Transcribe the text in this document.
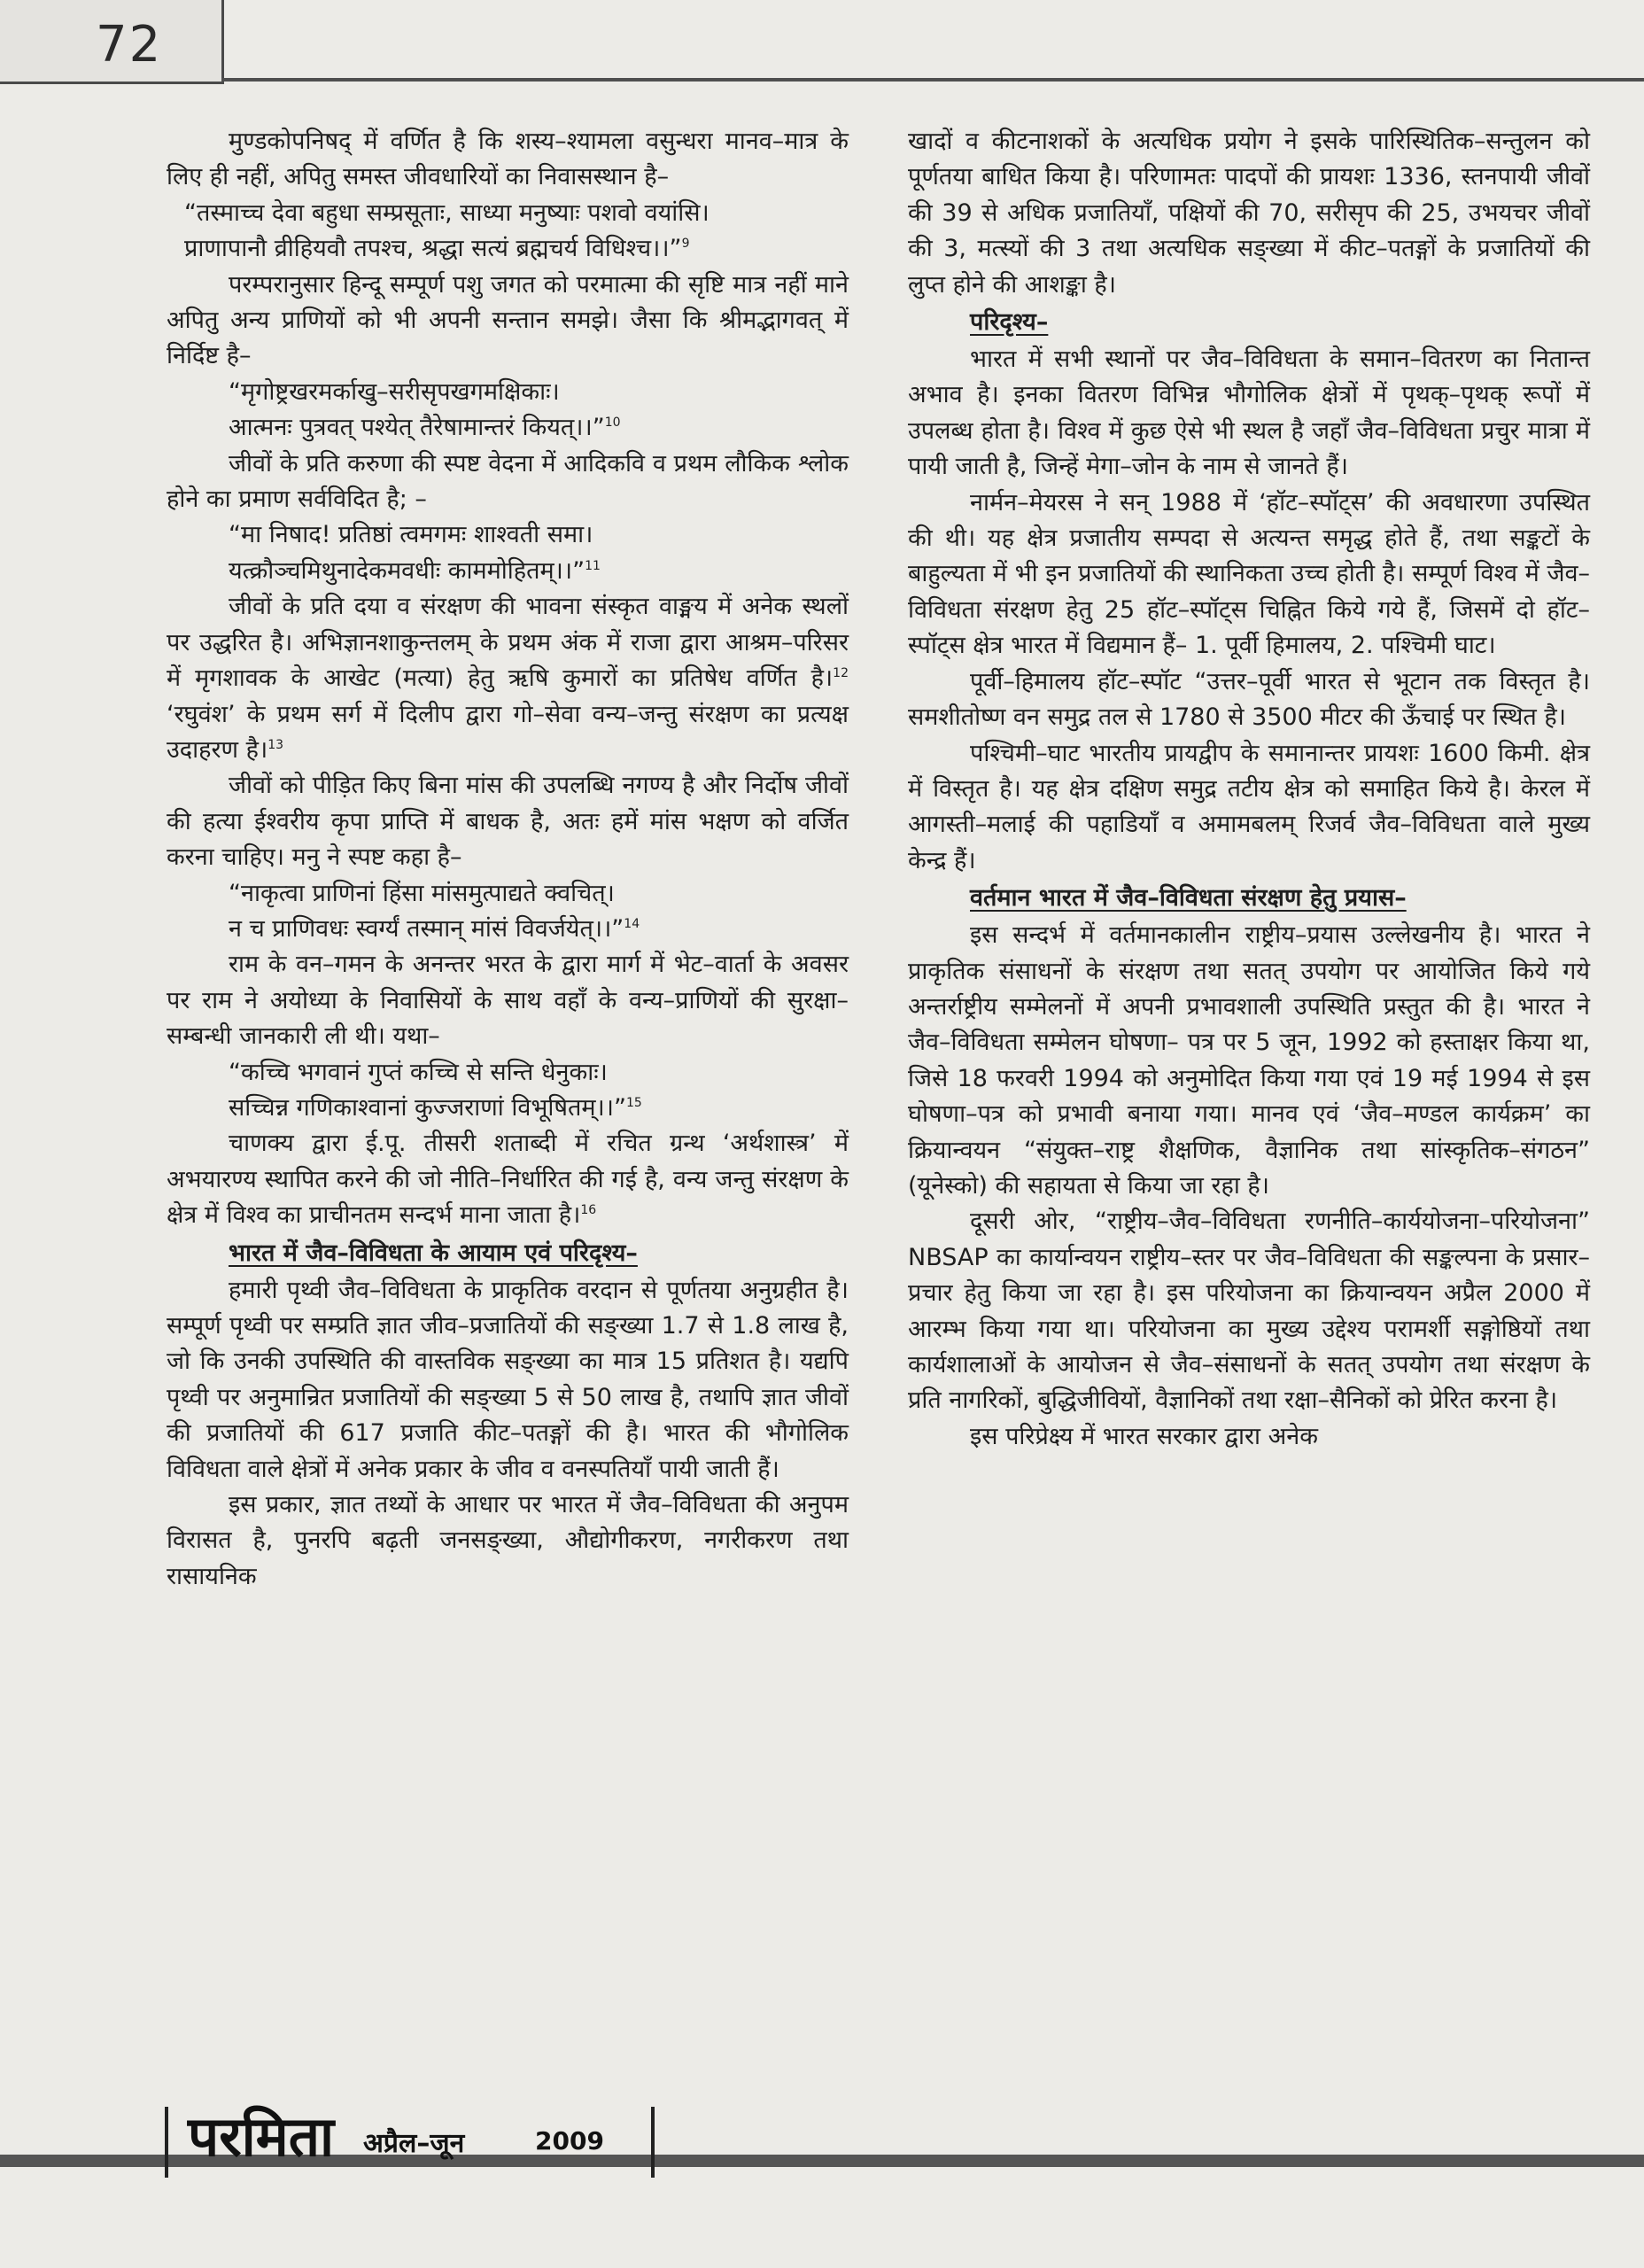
72

मुण्डकोपनिषद् में वर्णित है कि शस्य–श्यामला वसुन्धरा मानव–मात्र के लिए ही नहीं, अपितु समस्त जीवधारियों का निवासस्थान है–

“तस्माच्च देवा बहुधा सम्प्रसूताः, साध्या मनुष्याः पशवो वयांसि।

प्राणापानौ व्रीहियवौ तपश्च, श्रद्धा सत्यं ब्रह्मचर्य विधिश्च।।”$^9$

परम्परानुसार हिन्दू सम्पूर्ण पशु जगत को परमात्मा की सृष्टि मात्र नहीं माने अपितु अन्य प्राणियों को भी अपनी सन्तान समझे। जैसा कि श्रीमद्भागवत् में निर्दिष्ट है–

“मृगोष्ट्रखरमर्काखु–सरीसृपखगमक्षिकाः।

आत्मनः पुत्रवत् पश्येत् तैरेषामान्तरं कियत्।।”$^{10}$

जीवों के प्रति करुणा की स्पष्ट वेदना में आदिकवि व प्रथम लौकिक श्लोक होने का प्रमाण सर्वविदित है; –

“मा निषाद! प्रतिष्ठां त्वमगमः शाश्वती समा।

यत्क्रौञ्चमिथुनादेकमवधीः काममोहितम्।।”$^{11}$

जीवों के प्रति दया व संरक्षण की भावना संस्कृत वाङ्मय में अनेक स्थलों पर उद्धरित है। अभिज्ञानशाकुन्तलम् के प्रथम अंक में राजा द्वारा आश्रम–परिसर में मृगशावक के आखेट (मत्या) हेतु ऋषि कुमारों का प्रतिषेध वर्णित है।$^{12}$ ‘रघुवंश’ के प्रथम सर्ग में दिलीप द्वारा गो–सेवा वन्य–जन्तु संरक्षण का प्रत्यक्ष उदाहरण है।$^{13}$

जीवों को पीड़ित किए बिना मांस की उपलब्धि नगण्य है और निर्दोष जीवों की हत्या ईश्वरीय कृपा प्राप्ति में बाधक है, अतः हमें मांस भक्षण को वर्जित करना चाहिए। मनु ने स्पष्ट कहा है–

“नाकृत्वा प्राणिनां हिंसा मांसमुत्पाद्यते क्वचित्।

न च प्राणिवधः स्वर्ग्यं तस्मान् मांसं विवर्जयेत्।।”$^{14}$

राम के वन–गमन के अनन्तर भरत के द्वारा मार्ग में भेट–वार्ता के अवसर पर राम ने अयोध्या के निवासियों के साथ वहाँ के वन्य–प्राणियों की सुरक्षा–सम्बन्धी जानकारी ली थी। यथा–

“कच्चि भगवानं गुप्तं कच्चि से सन्ति धेनुकाः।

सच्चिन्न गणिकाश्वानां कुज्जराणां विभूषितम्।।”$^{15}$

चाणक्य द्वारा ई.पू. तीसरी शताब्दी में रचित ग्रन्थ ‘अर्थशास्त्र’ में अभयारण्य स्थापित करने की जो नीति–निर्धारित की गई है, वन्य जन्तु संरक्षण के क्षेत्र में विश्व का प्राचीनतम सन्दर्भ माना जाता है।$^{16}$

भारत में जैव–विविधता के आयाम एवं परिदृश्य–

हमारी पृथ्वी जैव–विविधता के प्राकृतिक वरदान से पूर्णतया अनुग्रहीत है। सम्पूर्ण पृथ्वी पर सम्प्रति ज्ञात जीव–प्रजातियों की सङ्ख्या 1.7 से 1.8 लाख है, जो कि उनकी उपस्थिति की वास्तविक सङ्ख्या का मात्र 15 प्रतिशत है। यद्यपि पृथ्वी पर अनुमान्रित प्रजातियों की सङ्ख्या 5 से 50 लाख है, तथापि ज्ञात जीवों की प्रजातियों की 617 प्रजाति कीट–पतङ्गों की है। भारत की भौगोलिक विविधता वाले क्षेत्रों में अनेक प्रकार के जीव व वनस्पतियाँ पायी जाती हैं।

इस प्रकार, ज्ञात तथ्यों के आधार पर भारत में जैव–विविधता की अनुपम विरासत है, पुनरपि बढ़ती जनसङ्ख्या, औद्योगीकरण, नगरीकरण तथा रासायनिक

खादों व कीटनाशकों के अत्यधिक प्रयोग ने इसके पारिस्थितिक–सन्तुलन को पूर्णतया बाधित किया है। परिणामतः पादपों की प्रायशः 1336, स्तनपायी जीवों की 39 से अधिक प्रजातियाँ, पक्षियों की 70, सरीसृप की 25, उभयचर जीवों की 3, मत्स्यों की 3 तथा अत्यधिक सङ्ख्या में कीट–पतङ्गों के प्रजातियों की लुप्त होने की आशङ्का है।

परिदृश्य–

भारत में सभी स्थानों पर जैव–विविधता के समान–वितरण का नितान्त अभाव है। इनका वितरण विभिन्न भौगोलिक क्षेत्रों में पृथक्–पृथक् रूपों में उपलब्ध होता है। विश्व में कुछ ऐसे भी स्थल है जहाँ जैव–विविधता प्रचुर मात्रा में पायी जाती है, जिन्हें मेगा–जोन के नाम से जानते हैं।

नार्मन–मेयरस ने सन् 1988 में ‘हॉट–स्पॉट्स’ की अवधारणा उपस्थित की थी। यह क्षेत्र प्रजातीय सम्पदा से अत्यन्त समृद्ध होते हैं, तथा सङ्कटों के बाहुल्यता में भी इन प्रजातियों की स्थानिकता उच्च होती है। सम्पूर्ण विश्व में जैव–विविधता संरक्षण हेतु 25 हॉट–स्पॉट्स चिह्नित किये गये हैं, जिसमें दो हॉट–स्पॉट्स क्षेत्र भारत में विद्यमान हैं– 1. पूर्वी हिमालय, 2. पश्चिमी घाट।

पूर्वी–हिमालय हॉट–स्पॉट “उत्तर–पूर्वी भारत से भूटान तक विस्तृत है। समशीतोष्ण वन समुद्र तल से 1780 से 3500 मीटर की ऊँचाई पर स्थित है।

पश्चिमी–घाट भारतीय प्रायद्वीप के समानान्तर प्रायशः 1600 किमी. क्षेत्र में विस्तृत है। यह क्षेत्र दक्षिण समुद्र तटीय क्षेत्र को समाहित किये है। केरल में आगस्ती–मलाई की पहाडियाँ व अमामबलम् रिजर्व जैव–विविधता वाले मुख्य केन्द्र हैं।

वर्तमान भारत में जैव–विविधता संरक्षण हेतु प्रयास–

इस सन्दर्भ में वर्तमानकालीन राष्ट्रीय–प्रयास उल्लेखनीय है। भारत ने प्राकृतिक संसाधनों के संरक्षण तथा सतत् उपयोग पर आयोजित किये गये अन्तर्राष्ट्रीय सम्मेलनों में अपनी प्रभावशाली उपस्थिति प्रस्तुत की है। भारत ने जैव–विविधता सम्मेलन घोषणा– पत्र पर 5 जून, 1992 को हस्ताक्षर किया था, जिसे 18 फरवरी 1994 को अनुमोदित किया गया एवं 19 मई 1994 से इस घोषणा–पत्र को प्रभावी बनाया गया। मानव एवं ‘जैव–मण्डल कार्यक्रम’ का क्रियान्वयन “संयुक्त–राष्ट्र शैक्षणिक, वैज्ञानिक तथा सांस्कृतिक–संगठन” (यूनेस्को) की सहायता से किया जा रहा है।

दूसरी ओर, “राष्ट्रीय–जैव–विविधता रणनीति–कार्ययोजना–परियोजना” NBSAP का कार्यान्वयन राष्ट्रीय–स्तर पर जैव–विविधता की सङ्कल्पना के प्रसार–प्रचार हेतु किया जा रहा है। इस परियोजना का क्रियान्वयन अप्रैल 2000 में आरम्भ किया गया था। परियोजना का मुख्य उद्देश्य परामर्शी सङ्गोष्ठियों तथा कार्यशालाओं के आयोजन से जैव–संसाधनों के सतत् उपयोग तथा संरक्षण के प्रति नागरिकों, बुद्धिजीवियों, वैज्ञानिकों तथा रक्षा–सैनिकों को प्रेरित करना है।

इस परिप्रेक्ष्य में भारत सरकार द्वारा अनेक

परमिता अप्रैल–जून	2009
